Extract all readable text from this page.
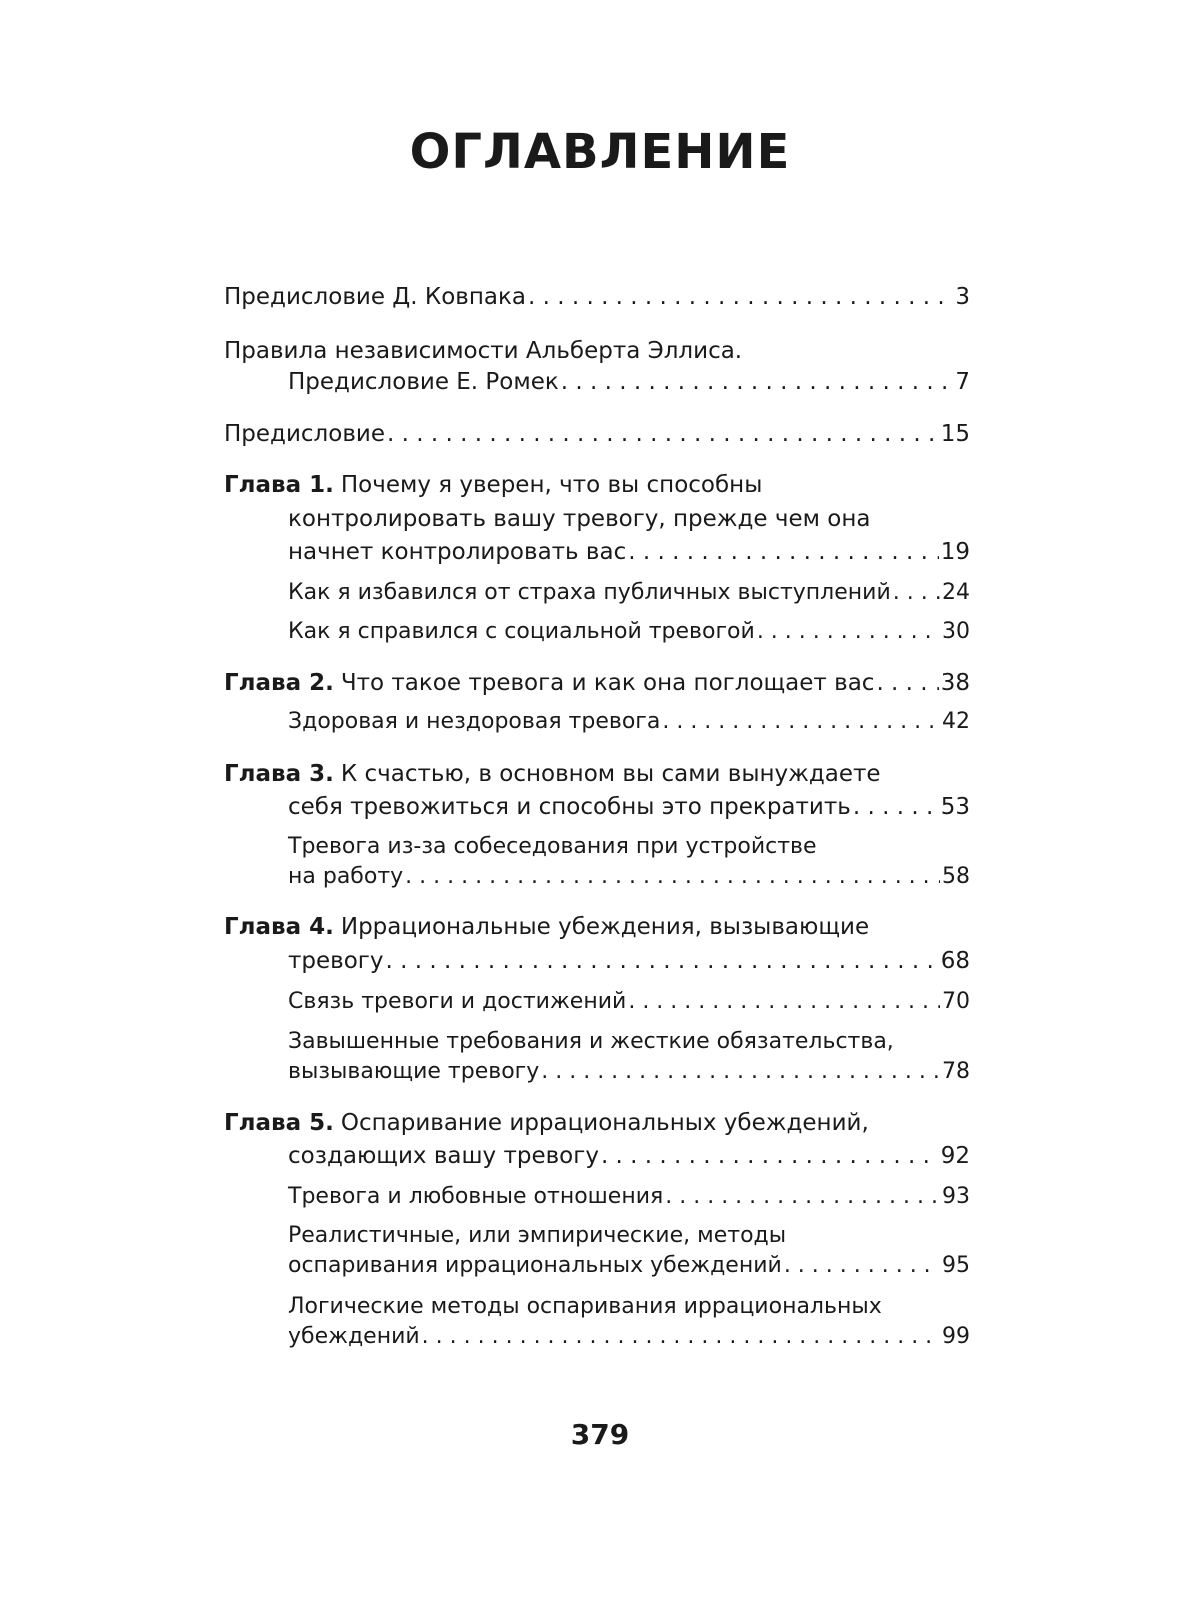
ОГЛАВЛЕНИЕ
Предисловие Д. Ковпака . . .	3
Правила независимости Альберта Эллиса.
Предисловие Е. Ромек . . .	7
Предисловие . . .	15
Глава 1. Почему я уверен, что вы способны
контролировать вашу тревогу, прежде чем она
начнет контролировать вас . . .	19
Как я избавился от страха публичных выступлений . . . 24
Как я справился с социальной тревогой . . .	30
Глава 2. Что такое тревога и как она поглощает вас . . .	38
Здоровая и нездоровая тревога . . .	42
Глава 3. К счастью, в основном вы сами вынуждаете
себя тревожиться и способны это прекратить . . .	53
Тревога из-за собеседования при устройстве
на работу . . .	58
Глава 4. Иррациональные убеждения, вызывающие
тревогу . . .	68
Связь тревоги и достижений . . .	70
Завышенные требования и жесткие обязательства,
вызывающие тревогу . . .	78
Глава 5. Оспаривание иррациональных убеждений,
создающих вашу тревогу . . .	92
Тревога и любовные отношения . . .	93
Реалистичные, или эмпирические, методы
оспаривания иррациональных убеждений . . .	95
Логические методы оспаривания иррациональных
убеждений . . .	99

379
